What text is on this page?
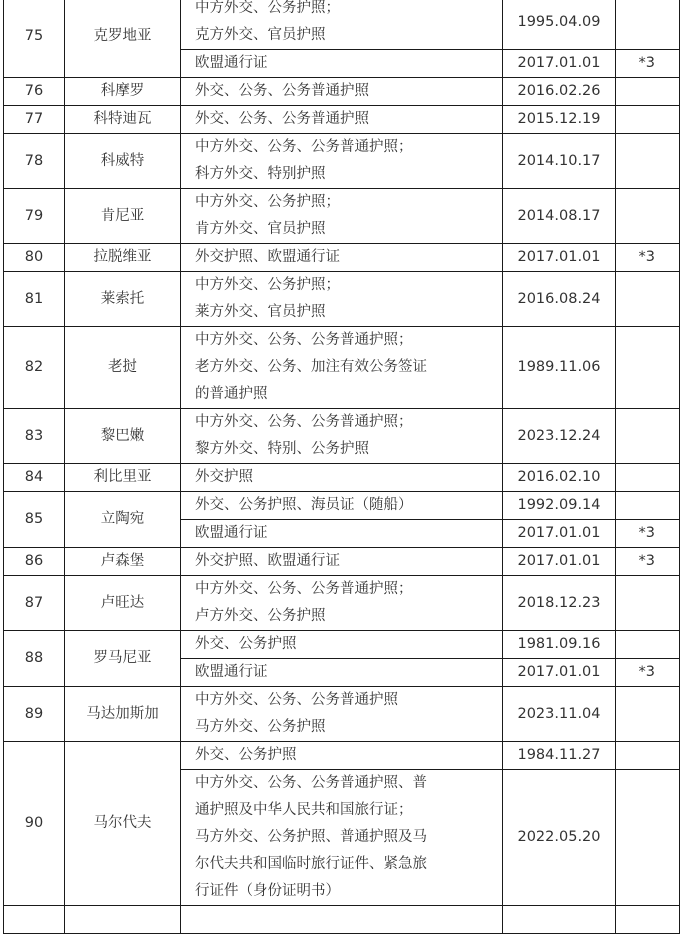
75	克罗地亚	中方外交、公务护照；
克方外交、官员护照	1995.04.09	

		欧盟通行证	2017.01.01	*3
76	科摩罗	外交、公务、公务普通护照	2016.02.26	
77	科特迪瓦	外交、公务、公务普通护照	2015.12.19	
78	科威特	中方外交、公务、公务普通护照；
科方外交、特别护照	2014.10.17	
79	肯尼亚	中方外交、公务护照；
肯方外交、官员护照	2014.08.17	
80	拉脱维亚	外交护照、欧盟通行证	2017.01.01	*3
81	莱索托	中方外交、公务护照；
莱方外交、官员护照	2016.08.24	
82	老挝	中方外交、公务、公务普通护照；
老方外交、公务、加注有效公务签证
的普通护照	1989.11.06	
83	黎巴嫩	中方外交、公务、公务普通护照；
黎方外交、特别、公务护照	2023.12.24	
84	利比里亚	外交护照	2016.02.10	
85	立陶宛	外交、公务护照、海员证（随船）	1992.09.14	

		欧盟通行证	2017.01.01	*3
86	卢森堡	外交护照、欧盟通行证	2017.01.01	*3
87	卢旺达	中方外交、公务、公务普通护照；
卢方外交、公务护照	2018.12.23	
88	罗马尼亚	外交、公务护照	1981.09.16	

		欧盟通行证	2017.01.01	*3
89	马达加斯加	中方外交、公务、公务普通护照
马方外交、公务护照	2023.11.04	
90	马尔代夫	外交、公务护照	1984.11.27	

		中方外交、公务、公务普通护照、普
通护照及中华人民共和国旅行证；
马方外交、公务护照、普通护照及马
尔代夫共和国临时旅行证件、紧急旅
行证件（身份证明书）	2022.05.20	
